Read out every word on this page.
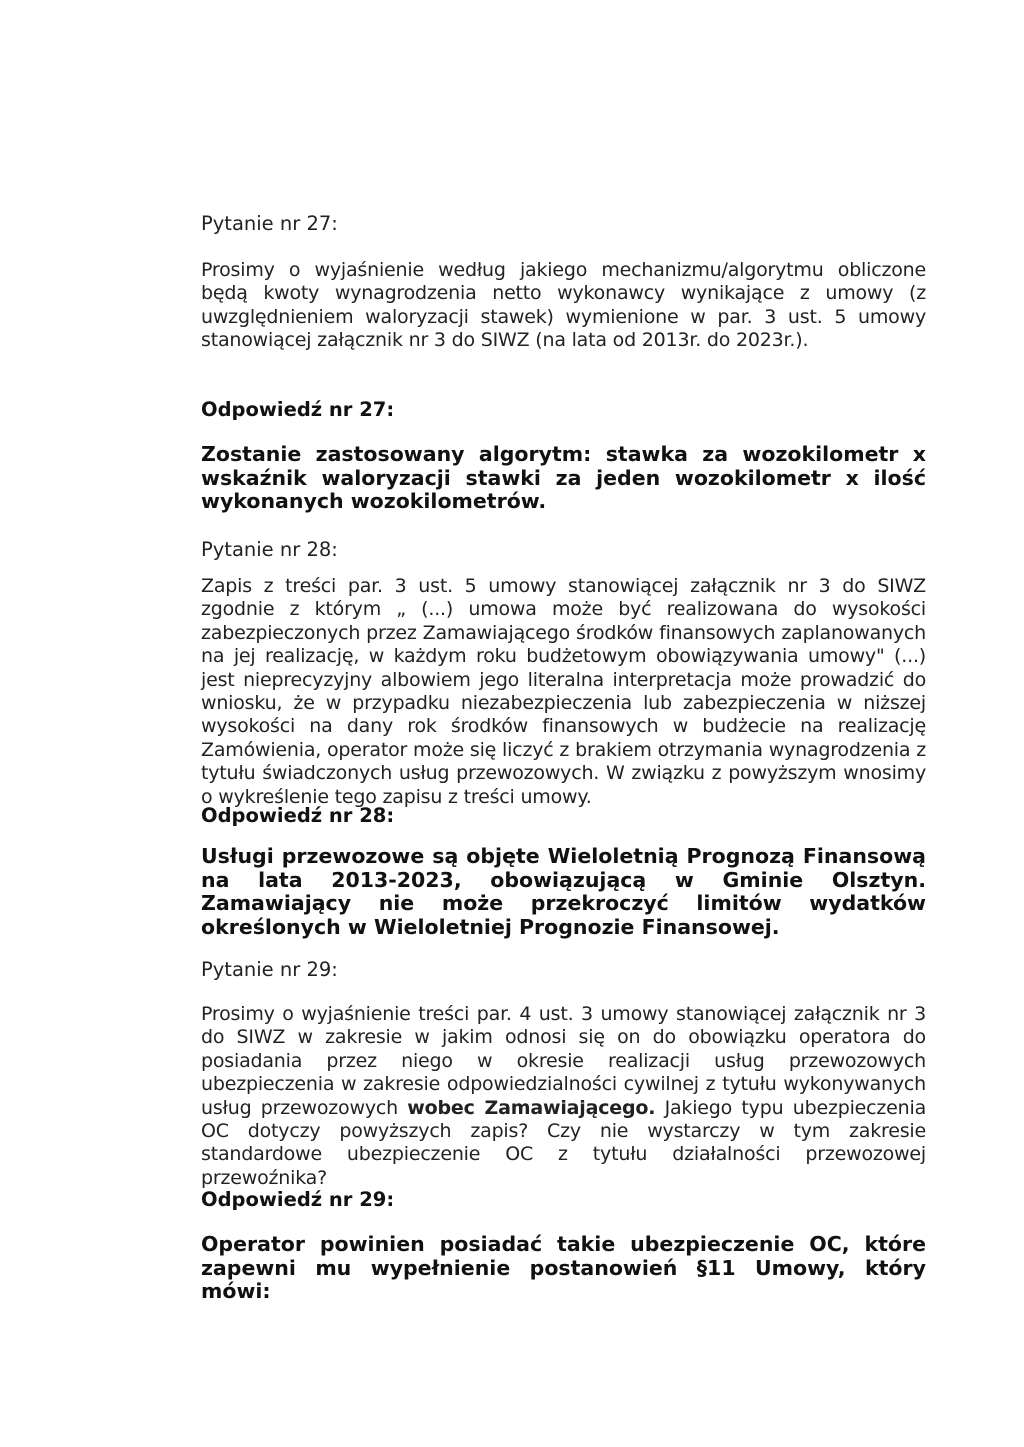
Pytanie nr 27:
Prosimy o wyjaśnienie według jakiego mechanizmu/algorytmu obliczone będą kwoty wynagrodzenia netto wykonawcy wynikające z umowy (z uwzględnieniem waloryzacji stawek) wymienione w par. 3 ust. 5 umowy stanowiącej załącznik nr 3 do SIWZ (na lata od 2013r. do 2023r.).
Odpowiedź nr 27:
Zostanie zastosowany algorytm: stawka za wozokilometr x wskaźnik waloryzacji stawki za jeden wozokilometr x ilość wykonanych wozokilometrów.
Pytanie nr 28:
Zapis z treści par. 3 ust. 5 umowy stanowiącej załącznik nr 3 do SIWZ zgodnie z którym „ (...) umowa może być realizowana do wysokości zabezpieczonych przez Zamawiającego środków finansowych zaplanowanych na jej realizację, w każdym roku budżetowym obowiązywania umowy" (...) jest nieprecyzyjny albowiem jego literalna interpretacja może prowadzić do wniosku, że w przypadku niezabezpieczenia lub zabezpieczenia w niższej wysokości na dany rok środków finansowych w budżecie na realizację Zamówienia, operator może się liczyć z brakiem otrzymania wynagrodzenia z tytułu świadczonych usług przewozowych. W związku z powyższym wnosimy o wykreślenie tego zapisu z treści umowy.
Odpowiedź nr 28:
Usługi przewozowe są objęte Wieloletnią Prognozą Finansową na lata 2013-2023, obowiązującą w Gminie Olsztyn. Zamawiający nie może przekroczyć limitów wydatków określonych w Wieloletniej Prognozie Finansowej.
Pytanie nr 29:
Prosimy o wyjaśnienie treści par. 4 ust. 3 umowy stanowiącej załącznik nr 3 do SIWZ w zakresie w jakim odnosi się on do obowiązku operatora do posiadania przez niego w okresie realizacji usług przewozowych ubezpieczenia w zakresie odpowiedzialności cywilnej z tytułu wykonywanych usług przewozowych wobec Zamawiającego. Jakiego typu ubezpieczenia OC dotyczy powyższych zapis? Czy nie wystarczy w tym zakresie standardowe ubezpieczenie OC z tytułu działalności przewozowej przewoźnika?
Odpowiedź nr 29:
Operator powinien posiadać takie ubezpieczenie OC, które zapewni mu wypełnienie postanowień §11 Umowy, który mówi:
